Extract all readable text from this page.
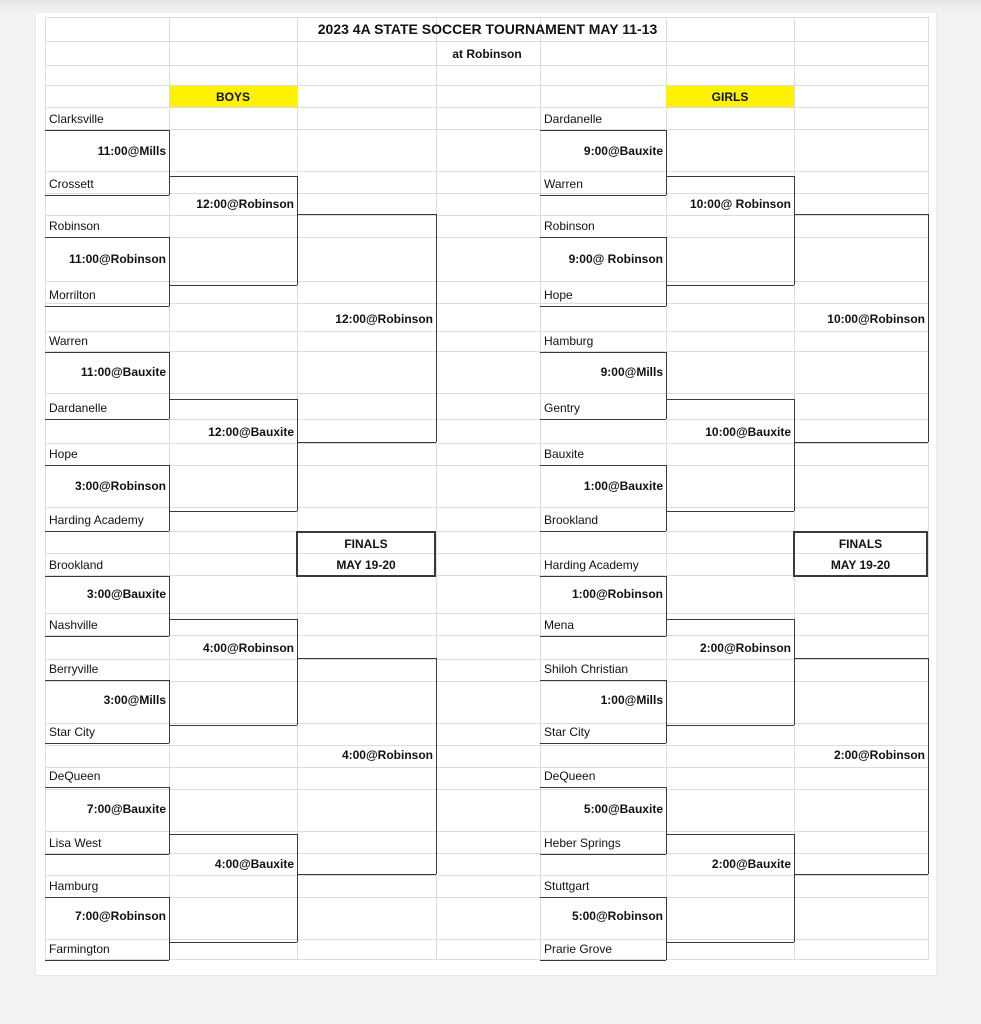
2023 4A STATE SOCCER TOURNAMENT MAY 11-13

at Robinson

BOYS	GIRLS

Clarksville

Crossett

Robinson

Morrilton

Warren

Dardanelle

Hope

Harding Academy

Brookland

Nashville

Berryville

Star City

DeQueen

Lisa West

Hamburg

Farmington

11:00@Mills

11:00@Robinson

11:00@Bauxite

3:00@Robinson

3:00@Bauxite

3:00@Mills

7:00@Bauxite

7:00@Robinson

12:00@Robinson

12:00@Bauxite

4:00@Robinson

4:00@Bauxite

12:00@Robinson

4:00@Robinson

Dardanelle

Warren

Robinson

Hope

Hamburg

Gentry

Bauxite

Brookland

Harding Academy

Mena

Shiloh Christian

Star City

DeQueen

Heber Springs

Stuttgart

Prarie Grove

9:00@Bauxite

9:00@ Robinson

9:00@Mills

1:00@Bauxite

1:00@Robinson

1:00@Mills

5:00@Bauxite

5:00@Robinson

10:00@ Robinson

10:00@Bauxite

2:00@Robinson

2:00@Bauxite

10:00@Robinson

2:00@Robinson

FINALS

MAY 19-20

FINALS

MAY 19-20
